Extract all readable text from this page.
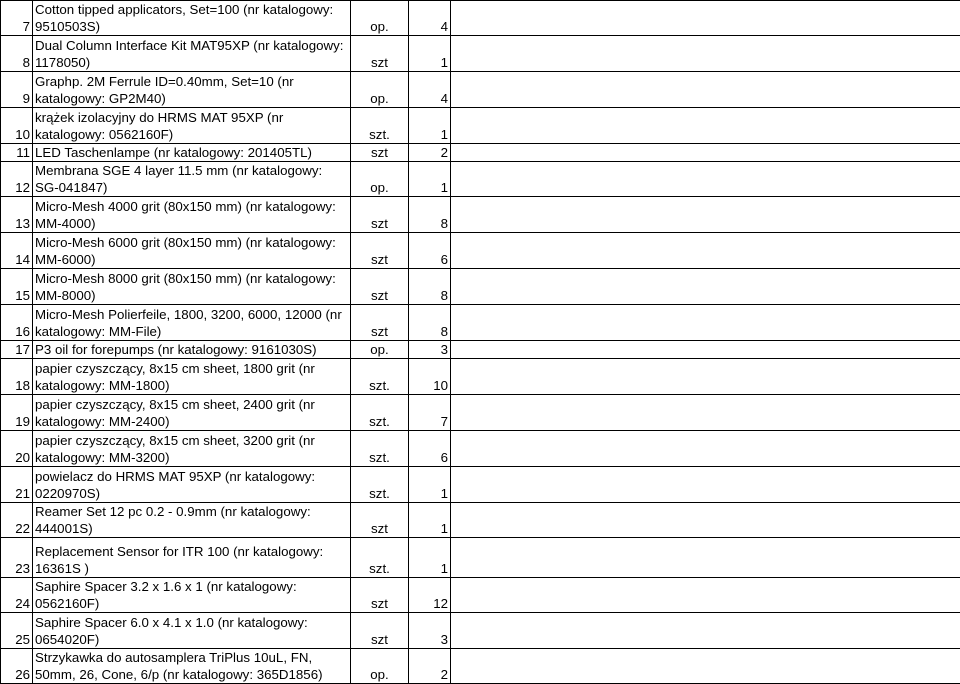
7	Cotton tipped applicators, Set=100 (nr katalogowy: 9510503S)	op.	4	
8	Dual Column Interface Kit MAT95XP (nr katalogowy: 1178050)	szt	1	
9	Graphp. 2M Ferrule ID=0.40mm, Set=10 (nr katalogowy: GP2M40)	op.	4	
10	krążek izolacyjny do HRMS MAT 95XP (nr katalogowy: 0562160F)	szt.	1	
11	LED Taschenlampe (nr katalogowy: 201405TL)	szt	2	
12	Membrana SGE 4 layer 11.5 mm (nr katalogowy: SG-041847)	op.	1	
13	Micro-Mesh 4000 grit (80x150 mm) (nr katalogowy: MM-4000)	szt	8	
14	Micro-Mesh 6000 grit (80x150 mm) (nr katalogowy: MM-6000)	szt	6	
15	Micro-Mesh 8000 grit (80x150 mm) (nr katalogowy: MM-8000)	szt	8	
16	Micro-Mesh Polierfeile, 1800, 3200, 6000, 12000 (nr katalogowy: MM-File)	szt	8	
17	P3 oil for forepumps (nr katalogowy: 9161030S)	op.	3	
18	papier czyszczący, 8x15 cm sheet, 1800 grit (nr katalogowy: MM-1800)	szt.	10	
19	papier czyszczący, 8x15 cm sheet, 2400 grit (nr katalogowy: MM-2400)	szt.	7	
20	papier czyszczący, 8x15 cm sheet, 3200 grit (nr katalogowy: MM-3200)	szt.	6	
21	powielacz do HRMS MAT 95XP (nr katalogowy: 0220970S)	szt.	1	
22	Reamer Set 12 pc 0.2 - 0.9mm (nr katalogowy: 444001S)	szt	1	
23	Replacement Sensor for ITR 100 (nr katalogowy: 16361S )	szt.	1	
24	Saphire Spacer 3.2 x 1.6 x 1 (nr katalogowy: 0562160F)	szt	12	
25	Saphire Spacer 6.0 x 4.1 x 1.0 (nr katalogowy: 0654020F)	szt	3	
26	Strzykawka do autosamplera TriPlus 10uL, FN, 50mm, 26, Cone, 6/p (nr katalogowy: 365D1856)	op.	2	
